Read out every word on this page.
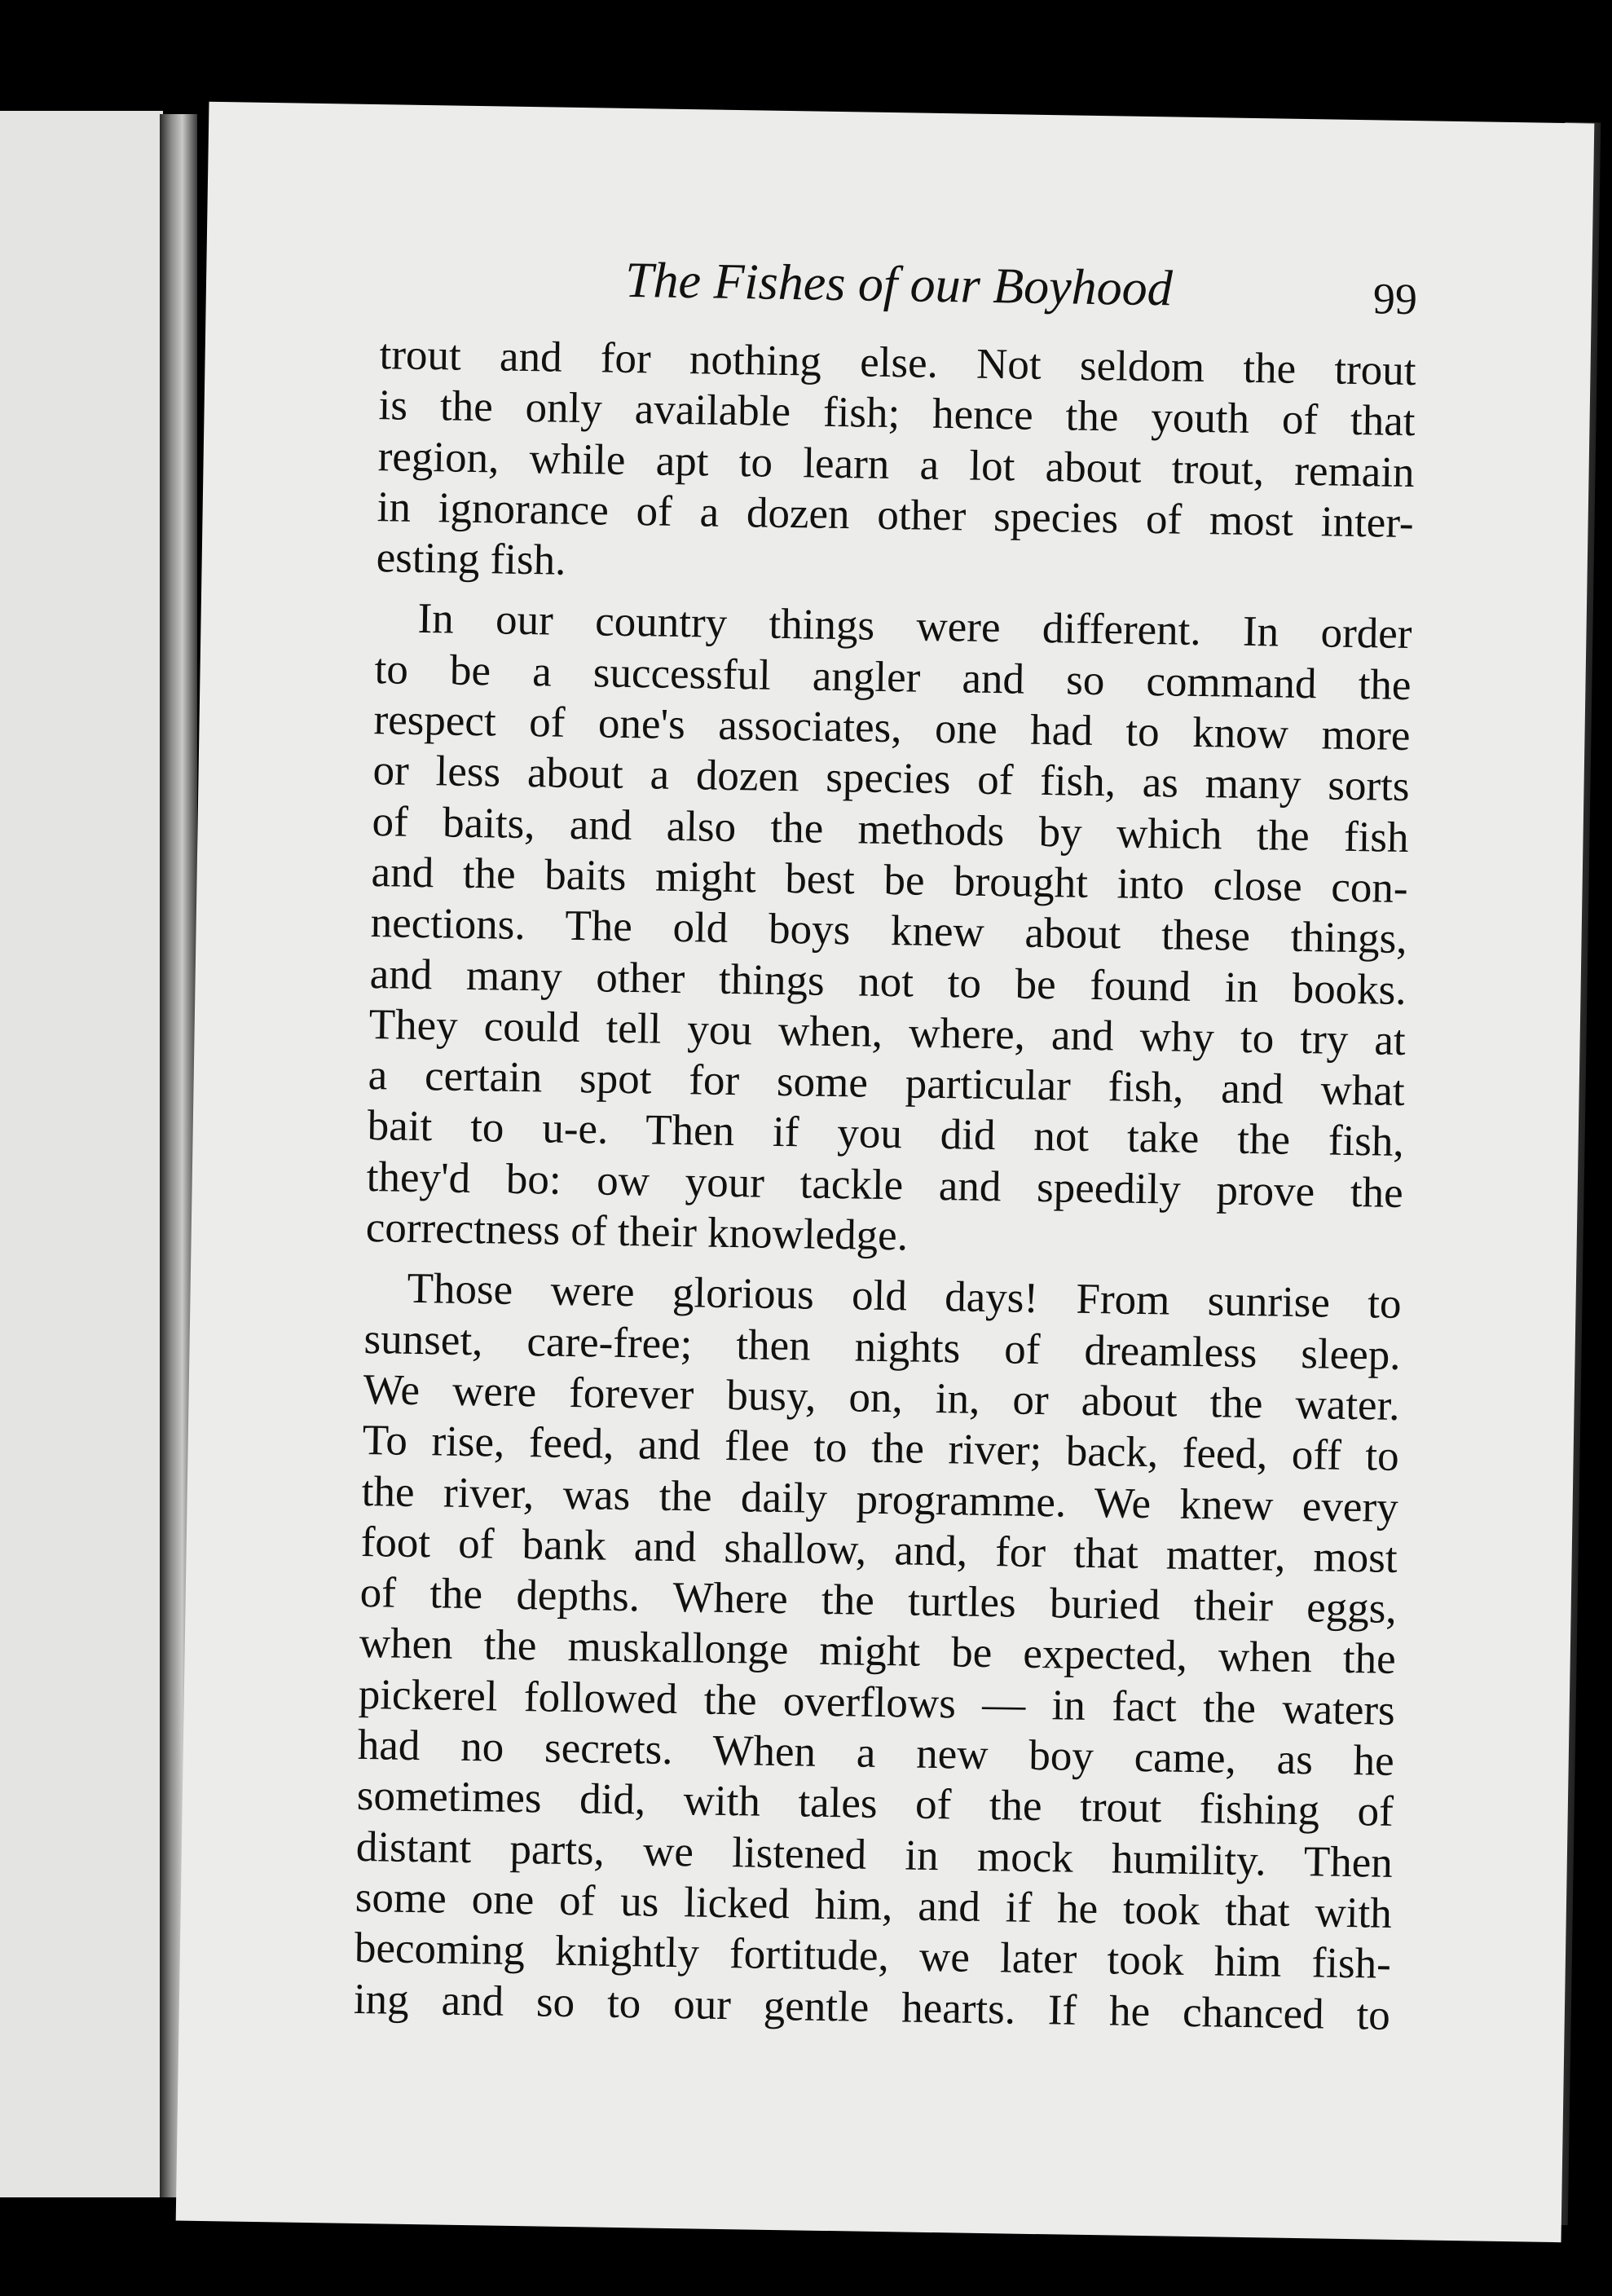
The Fishes of our Boyhood	99
trout and for nothing else. Not seldom the trout
is the only available fish; hence the youth of that
region, while apt to learn a lot about trout, remain
in ignorance of a dozen other species of most inter-
esting fish.
In our country things were different. In order
to be a successful angler and so command the
respect of one's associates, one had to know more
or less about a dozen species of fish, as many sorts
of baits, and also the methods by which the fish
and the baits might best be brought into close con-
nections. The old boys knew about these things,
and many other things not to be found in books.
They could tell you when, where, and why to try at
a certain spot for some particular fish, and what
bait to u-e. Then if you did not take the fish,
they'd bo: ow your tackle and speedily prove the
correctness of their knowledge.
Those were glorious old days! From sunrise to
sunset, care-free; then nights of dreamless sleep.
We were forever busy, on, in, or about the water.
To rise, feed, and flee to the river; back, feed, off to
the river, was the daily programme. We knew every
foot of bank and shallow, and, for that matter, most
of the depths. Where the turtles buried their eggs,
when the muskallonge might be expected, when the
pickerel followed the overflows — in fact the waters
had no secrets. When a new boy came, as he
sometimes did, with tales of the trout fishing of
distant parts, we listened in mock humility. Then
some one of us licked him, and if he took that with
becoming knightly fortitude, we later took him fish-
ing and so to our gentle hearts. If he chanced to
